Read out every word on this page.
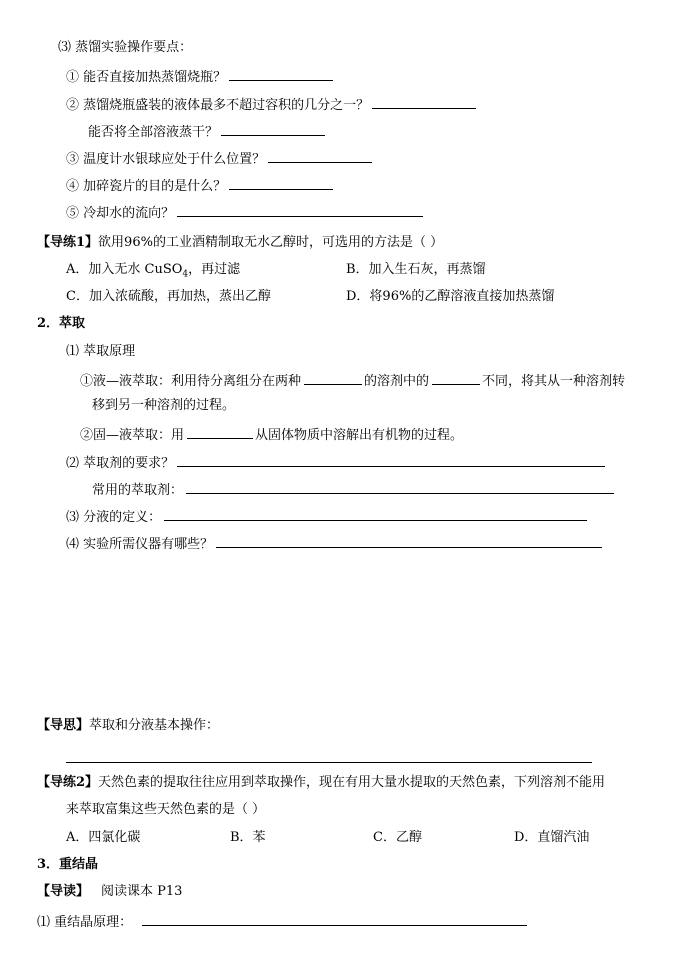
⑶ 蒸馏实验操作要点：
① 能否直接加热蒸馏烧瓶？
② 蒸馏烧瓶盛装的液体最多不超过容积的几分之一？
能否将全部溶液蒸干？
③ 温度计水银球应处于什么位置？
④ 加碎瓷片的目的是什么？
⑤ 冷却水的流向？
【导练1】欲用96%的工业酒精制取无水乙醇时，可选用的方法是（ ）
A．加入无水 CuSO$_4$，再过滤	B．加入生石灰，再蒸馏
C．加入浓硫酸，再加热，蒸出乙醇	D．将96%的乙醇溶液直接加热蒸馏
2．萃取
⑴ 萃取原理
①液—液萃取：利用待分离组分在两种	的溶剂中的	不同，将其从一种溶剂转
移到另一种溶剂的过程。
②固—液萃取：用	从固体物质中溶解出有机物的过程。
⑵ 萃取剂的要求？
常用的萃取剂：
⑶ 分液的定义：
⑷ 实验所需仪器有哪些？
【导思】萃取和分液基本操作：
【导练2】天然色素的提取往往应用到萃取操作，现在有用大量水提取的天然色素，下列溶剂不能用
来萃取富集这些天然色素的是（ ）
A．四氯化碳	B．苯	C．乙醇	D．直馏汽油
3．重结晶
【导读】 阅读课本 P13
⑴ 重结晶原理：
